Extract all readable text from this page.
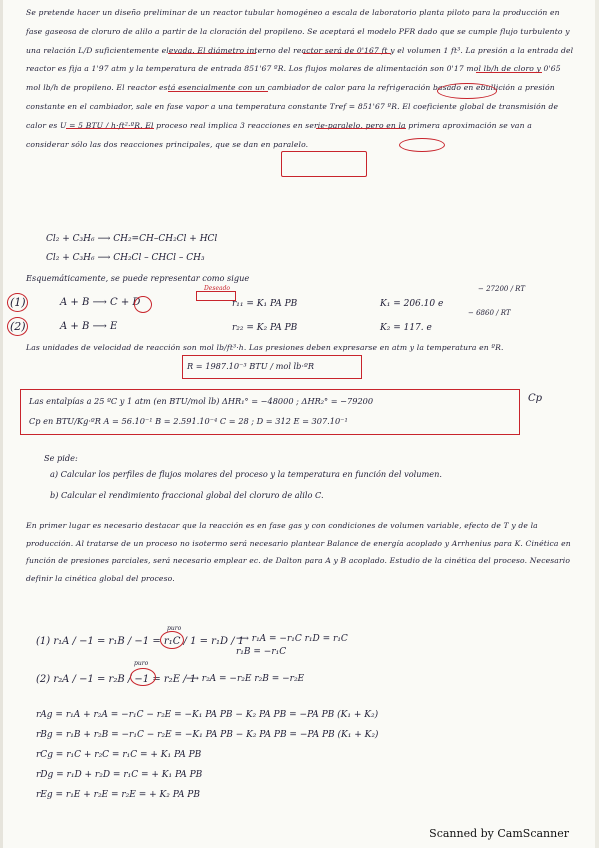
Se pretende hacer un diseño preliminar de un reactor tubular homogéneo a escala de laboratorio planta piloto para la producción en fase gaseosa de cloruro de alilo a partir de la cloración del propileno. Se aceptará el modelo PFR dado que se cumple flujo turbulento y una relación L/D suficientemente elevada. El diámetro interno del reactor será de 0'167 ft y el volumen 1 ft³. La presión a la entrada del reactor es fija a 1'97 atm y la temperatura de entrada 851'67 ºR. Los flujos molares de alimentación son 0'17 mol lb/h de cloro y 0'65 mol lb/h de propileno. El reactor está esencialmente con un cambiador de calor para la refrigeración basado en ebullición a presión constante en el cambiador, sale en fase vapor a una temperatura constante Tref = 851'67 ºR. El coeficiente global de transmisión de calor es U = 5 BTU / h·ft²·ºR. El proceso real implica 3 reacciones en serie-paralelo, pero en la primera aproximación se van a considerar sólo las dos reacciones principales, que se dan en paralelo.
Cl₂ + C₃H₆ ⟶ CH₂=CH–CH₂Cl + HCl
Cl₂ + C₃H₆ ⟶ CH₂Cl – CHCl – CH₃
Esquemáticamente, se puede representar como sigue
Deseado
(1)	A + B ⟶ C + D	r₁₁ = K₁ PA PB	K₁ = 206.10 e
− 27200 / RT
(2)	A + B ⟶ E	r₂₂ = K₂ PA PB	K₂ = 117. e
− 6860 / RT
Las unidades de velocidad de reacción son mol lb/ft³·h. Las presiones deben expresarse en atm y la temperatura en ºR.
R = 1987.10⁻³ BTU / mol lb·ºR
Las entalpías a 25 ºC y 1 atm (en BTU/mol lb) ΔHR₁° = −48000 ; ΔHR₂° = −79200
Cp en BTU/Kg·ºR A = 56.10⁻¹ B = 2.591.10⁻⁴ C = 28 ; D = 312 E = 307.10⁻¹
Cp
Se pide:
a) Calcular los perfiles de flujos molares del proceso y la temperatura en función del volumen.
b) Calcular el rendimiento fraccional global del cloruro de alilo C.
En primer lugar es necesario destacar que la reacción es en fase gas y con condiciones de volumen variable, efecto de T y de la producción. Al tratarse de un proceso no isotermo será necesario plantear Balance de energía acoplado y Arrhenius para K. Cinética en función de presiones parciales, será necesario emplear ec. de Dalton para A y B acoplado. Estudio de la cinética del proceso. Necesario definir la cinética global del proceso.
puro
(1) r₁A / −1 = r₁B / −1 = r₁C / 1 = r₁D / 1
⟶ r₁A = −r₁C r₁D = r₁C
r₁B = −r₁C
puro
(2) r₂A / −1 = r₂B / −1 = r₂E / 1
⟶ r₂A = −r₂E r₂B = −r₂E
rAg = r₁A + r₂A = −r₁C − r₂E = −K₁ PA PB − K₂ PA PB = −PA PB (K₁ + K₂)
rBg = r₁B + r₂B = −r₁C − r₂E = −K₁ PA PB − K₂ PA PB = −PA PB (K₁ + K₂)
rCg = r₁C + r₂C = r₁C = + K₁ PA PB
rDg = r₁D + r₂D = r₁C = + K₁ PA PB
rEg = r₁E + r₂E = r₂E = + K₂ PA PB
Scanned by CamScanner
